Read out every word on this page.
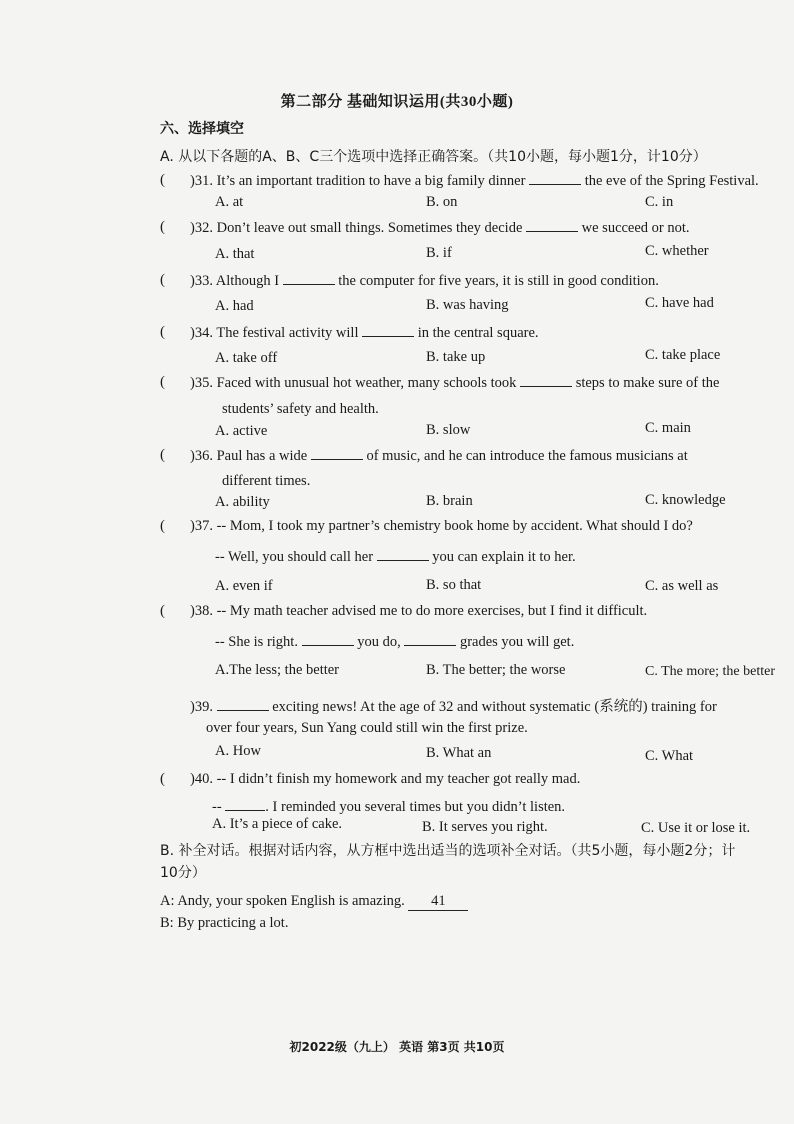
第二部分 基础知识运用(共30小题)
六、选择填空
A. 从以下各题的A、B、C三个选项中选择正确答案。（共10小题，每小题1分，计10分）
( )31. It’s an important tradition to have a big family dinner	the eve of the Spring Festival.
A. at	B. on	C. in
( )32. Don’t leave out small things. Sometimes they decide	we succeed or not.
A. that	B. if	C. whether
( )33. Although I	the computer for five years, it is still in good condition.
A. had	B. was having	C. have had
( )34. The festival activity will	in the central square.
A. take off	B. take up	C. take place
( )35. Faced with unusual hot weather, many schools took	steps to make sure of the
students’ safety and health.
A. active	B. slow	C. main
( )36. Paul has a wide	of music, and he can introduce the famous musicians at
different times.
A. ability	B. brain	C. knowledge
( )37. -- Mom, I took my partner’s chemistry book home by accident. What should I do?
-- Well, you should call her	you can explain it to her.
A. even if	B. so that	C. as well as
( )38. -- My math teacher advised me to do more exercises, but I find it difficult.
-- She is right.	you do,	grades you will get.
A.The less; the better	B. The better; the worse	C. The more; the better
)39.	exciting news! At the age of 32 and without systematic (系统的) training for
over four years, Sun Yang could still win the first prize.
A. How	B. What an	C. What
( )40. -- I didn’t finish my homework and my teacher got really mad.
--	. I reminded you several times but you didn’t listen.
A. It’s a piece of cake.	B. It serves you right.	C. Use it or lose it.
B. 补全对话。根据对话内容，从方框中选出适当的选项补全对话。（共5小题，每小题2分；计
10分）
A: Andy, your spoken English is amazing. 41
B: By practicing a lot.
初2022级（九上） 英语 第3页 共10页
